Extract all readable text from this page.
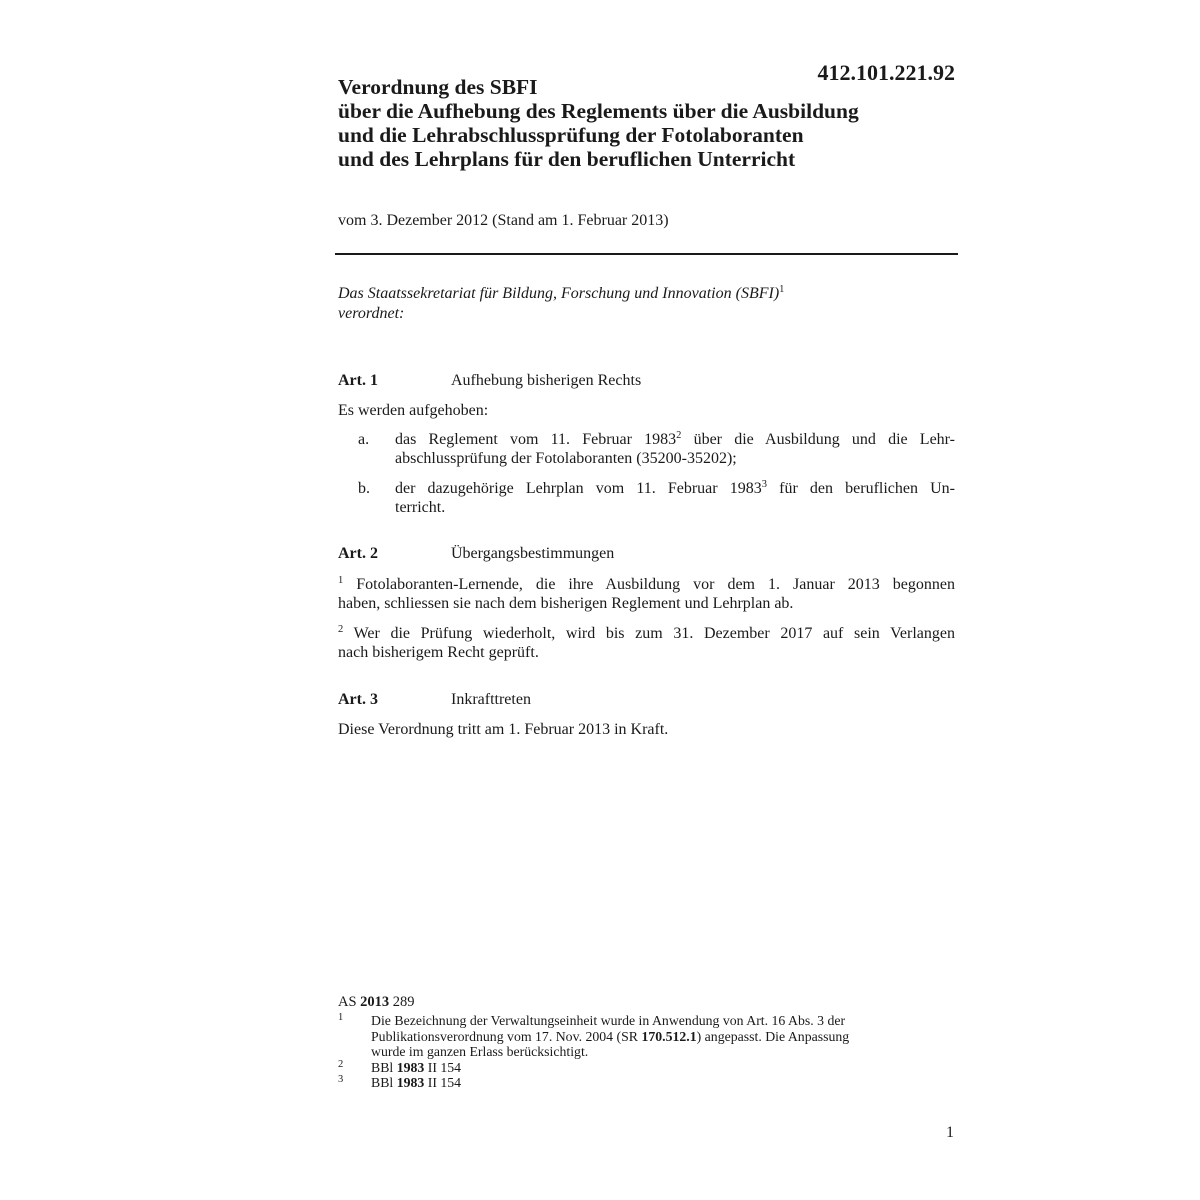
412.101.221.92
Verordnung des SBFI
über die Aufhebung des Reglements über die Ausbildung
und die Lehrabschlussprüfung der Fotolaboranten
und des Lehrplans für den beruflichen Unterricht
vom 3. Dezember 2012 (Stand am 1. Februar 2013)
Das Staatssekretariat für Bildung, Forschung und Innovation (SBFI)$^1$
verordnet:
Art. 1	Aufhebung bisherigen Rechts
Es werden aufgehoben:
a. das Reglement vom 11. Februar 1983$^2$ über die Ausbildung und die Lehr-
abschlussprüfung der Fotolaboranten (35200-35202);
b. der dazugehörige Lehrplan vom 11. Februar 1983$^3$ für den beruflichen Un-
terricht.
Art. 2	Übergangsbestimmungen
$^1$ Fotolaboranten-Lernende, die ihre Ausbildung vor dem 1. Januar 2013 begonnen
haben, schliessen sie nach dem bisherigen Reglement und Lehrplan ab.
$^2$ Wer die Prüfung wiederholt, wird bis zum 31. Dezember 2017 auf sein Verlangen
nach bisherigem Recht geprüft.
Art. 3	Inkrafttreten
Diese Verordnung tritt am 1. Februar 2013 in Kraft.
AS 2013 289
1 Die Bezeichnung der Verwaltungseinheit wurde in Anwendung von Art. 16 Abs. 3 der
Publikationsverordnung vom 17. Nov. 2004 (SR 170.512.1) angepasst. Die Anpassung
wurde im ganzen Erlass berücksichtigt.
2 BBl 1983 II 154
3 BBl 1983 II 154
1
